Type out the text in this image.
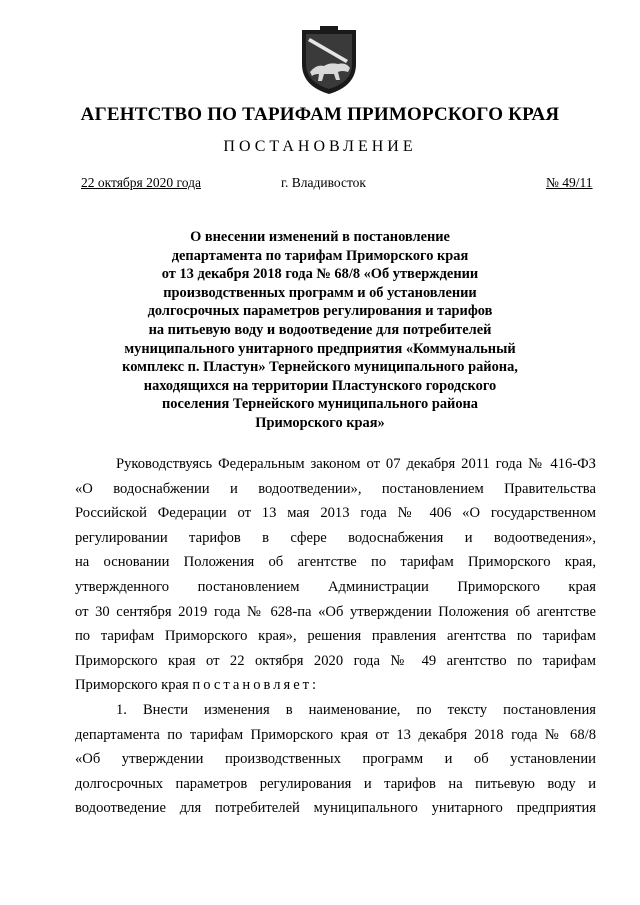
АГЕНТСТВО ПО ТАРИФАМ ПРИМОРСКОГО КРАЯ
ПОСТАНОВЛЕНИЕ
22 октября 2020 года	г. Владивосток	№ 49/11
О внесении изменений в постановление
департамента по тарифам Приморского края
от 13 декабря 2018 года № 68/8 «Об утверждении
производственных программ и об установлении
долгосрочных параметров регулирования и тарифов
на питьевую воду и водоотведение для потребителей
муниципального унитарного предприятия «Коммунальный
комплекс п. Пластун» Тернейского муниципального района,
находящихся на территории Пластунского городского
поселения Тернейского муниципального района
Приморского края»
Руководствуясь Федеральным законом от 07 декабря 2011 года № 416-ФЗ
«О водоснабжении и водоотведении», постановлением Правительства
Российской Федерации от 13 мая 2013 года № 406 «О государственном
регулировании тарифов в сфере водоснабжения и водоотведения»,
на основании Положения об агентстве по тарифам Приморского края,
утвержденного постановлением Администрации Приморского края
от 30 сентября 2019 года № 628-па «Об утверждении Положения об агентстве
по тарифам Приморского края», решения правления агентства по тарифам
Приморского края от 22 октября 2020 года № 49 агентство по тарифам
Приморского края постановляет:
1. Внести изменения в наименование, по тексту постановления
департамента по тарифам Приморского края от 13 декабря 2018 года № 68/8
«Об утверждении производственных программ и об установлении
долгосрочных параметров регулирования и тарифов на питьевую воду и
водоотведение для потребителей муниципального унитарного предприятия
